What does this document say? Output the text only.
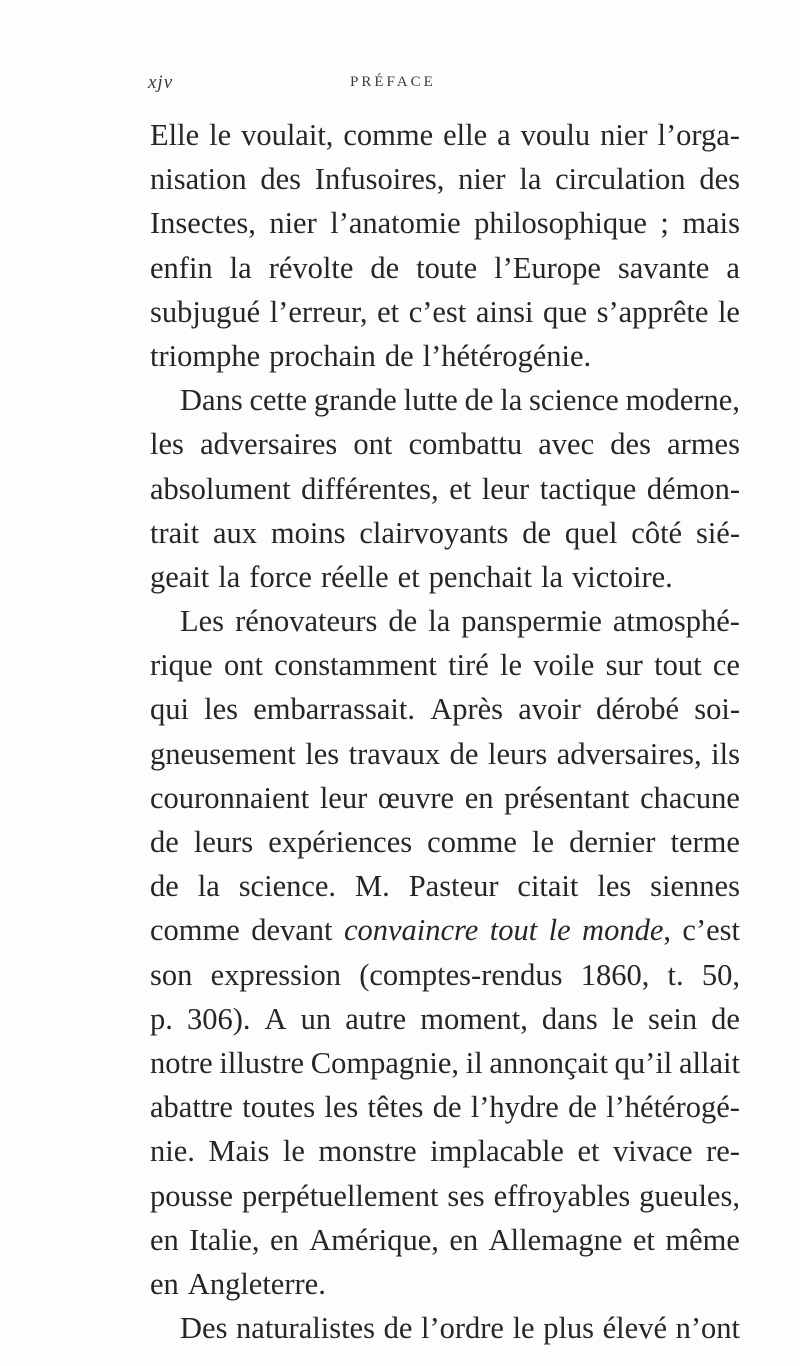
xjv	PRÉFACE
Elle le voulait, comme elle a voulu nier l’orga-
nisation des Infusoires, nier la circulation des
Insectes, nier l’anatomie philosophique ; mais
enfin la révolte de toute l’Europe savante a
subjugué l’erreur, et c’est ainsi que s’apprête le
triomphe prochain de l’hétérogénie.
Dans cette grande lutte de la science moderne,
les adversaires ont combattu avec des armes
absolument différentes, et leur tactique démon-
trait aux moins clairvoyants de quel côté sié-
geait la force réelle et penchait la victoire.
Les rénovateurs de la panspermie atmosphé-
rique ont constamment tiré le voile sur tout ce
qui les embarrassait. Après avoir dérobé soi-
gneusement les travaux de leurs adversaires, ils
couronnaient leur œuvre en présentant chacune
de leurs expériences comme le dernier terme
de la science. M. Pasteur citait les siennes
comme devant convaincre tout le monde, c’est
son expression (comptes-rendus 1860, t. 50,
p. 306). A un autre moment, dans le sein de
notre illustre Compagnie, il annonçait qu’il allait
abattre toutes les têtes de l’hydre de l’hétérogé-
nie. Mais le monstre implacable et vivace re-
pousse perpétuellement ses effroyables gueules,
en Italie, en Amérique, en Allemagne et même
en Angleterre.
Des naturalistes de l’ordre le plus élevé n’ont
